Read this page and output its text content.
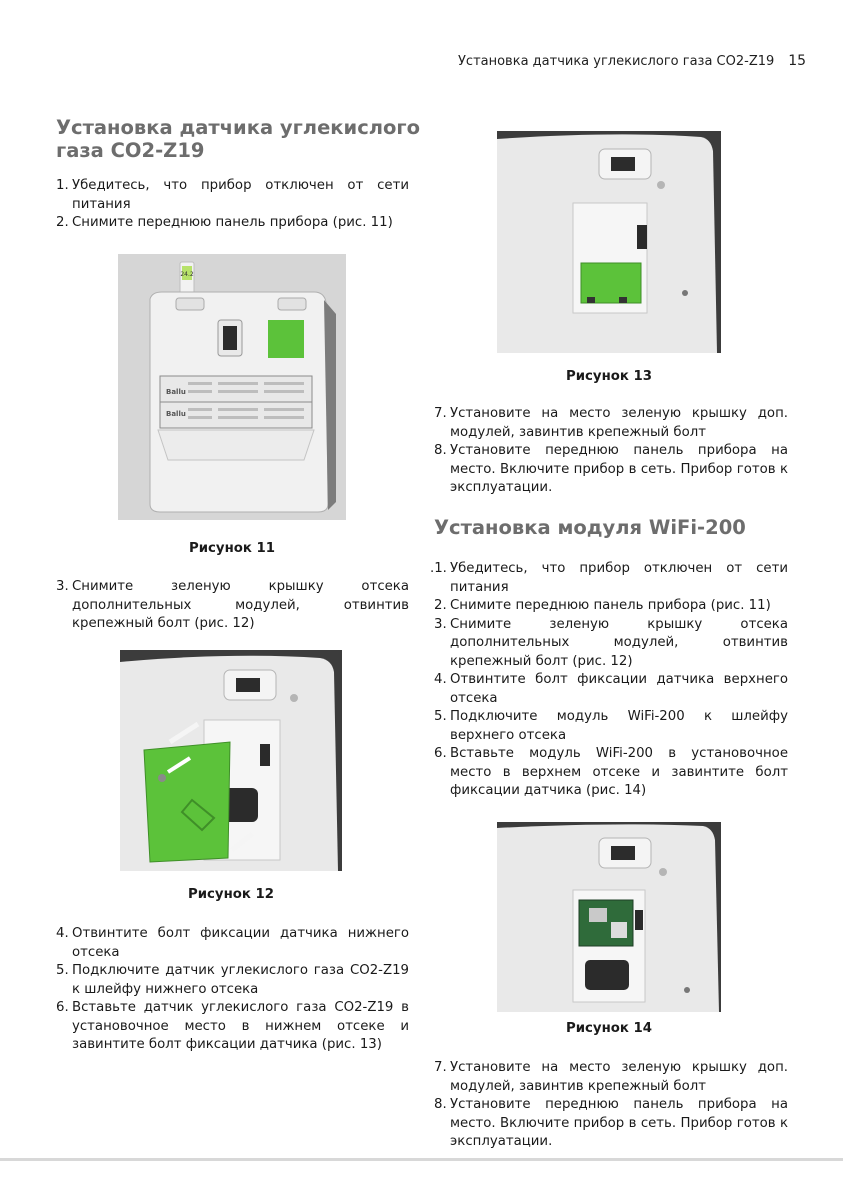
Установка датчика углекислого газа CO2-Z19 15
Установка датчика углекислого
газа CO2-Z19
1. Убедитесь, что прибор отключен от сети питания
2. Снимите переднюю панель прибора (рис. 11)
24.2
Ballu
Ballu
Рисунок 11
3. Снимите зеленую крышку отсека дополнительных модулей, отвинтив крепежный болт (рис. 12)
Рисунок 12
4. Отвинтите болт фиксации датчика нижнего отсека
5. Подключите датчик углекислого газа CO2-Z19 к шлейфу нижнего отсека
6. Вставьте датчик углекислого газа CO2-Z19 в установочное место в нижнем отсеке и завинтите болт фиксации датчика (рис. 13)
Рисунок 13
7. Установите на место зеленую крышку доп. модулей, завинтив крепежный болт
8. Установите переднюю панель прибора на место. Включите прибор в сеть. Прибор готов к эксплуатации.
Установка модуля WiFi-200
.1. Убедитесь, что прибор отключен от сети питания
2. Снимите переднюю панель прибора (рис. 11)
3. Снимите зеленую крышку отсека дополнительных модулей, отвинтив крепежный болт (рис. 12)
4. Отвинтите болт фиксации датчика верхнего отсека
5. Подключите модуль WiFi-200 к шлейфу верхнего отсека
6. Вставьте модуль WiFi-200 в установочное место в верхнем отсеке и завинтите болт фиксации датчика (рис. 14)
Рисунок 14
7. Установите на место зеленую крышку доп. модулей, завинтив крепежный болт
8. Установите переднюю панель прибора на место. Включите прибор в сеть. Прибор готов к эксплуатации.
